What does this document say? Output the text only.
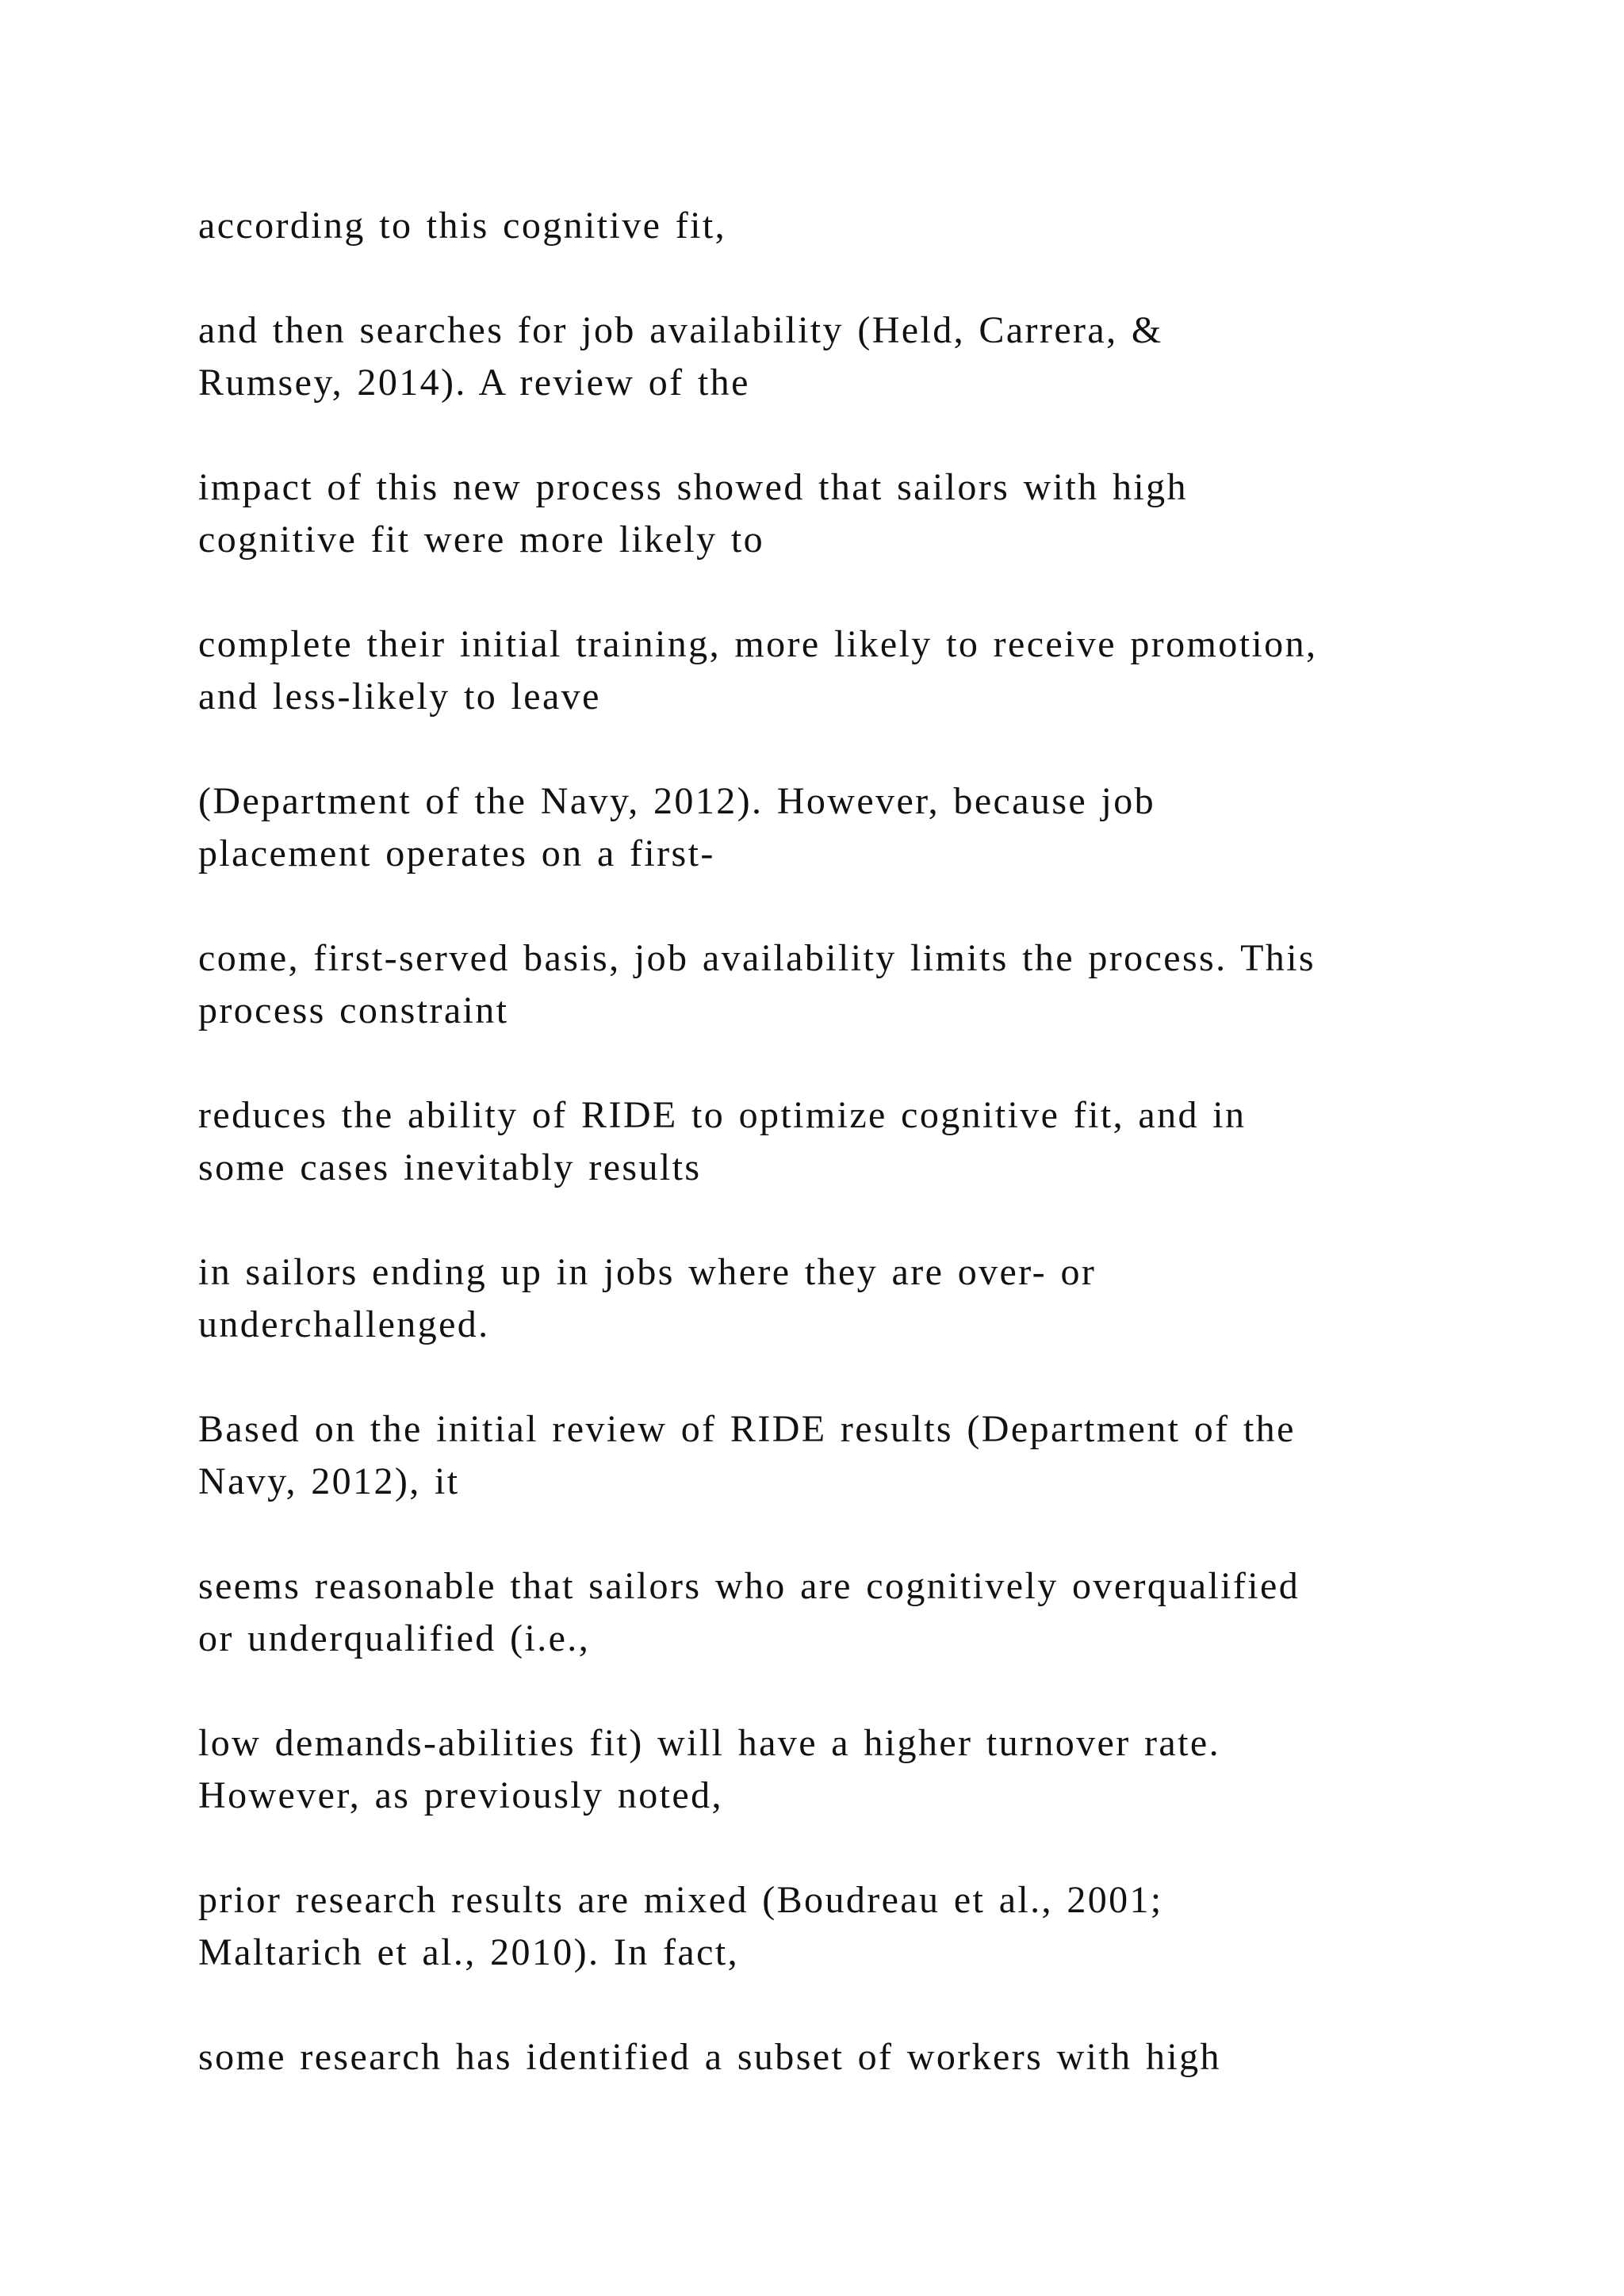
according to this cognitive fit,

and then searches for job availability (Held, Carrera, &
Rumsey, 2014). A review of the

impact of this new process showed that sailors with high
cognitive fit were more likely to

complete their initial training, more likely to receive promotion,
and less-likely to leave

(Department of the Navy, 2012). However, because job
placement operates on a first-

come, first-served basis, job availability limits the process. This
process constraint

reduces the ability of RIDE to optimize cognitive fit, and in
some cases inevitably results

in sailors ending up in jobs where they are over- or
underchallenged.

Based on the initial review of RIDE results (Department of the
Navy, 2012), it

seems reasonable that sailors who are cognitively overqualified
or underqualified (i.e.,

low demands-abilities fit) will have a higher turnover rate.
However, as previously noted,

prior research results are mixed (Boudreau et al., 2001;
Maltarich et al., 2010). In fact,

some research has identified a subset of workers with high
